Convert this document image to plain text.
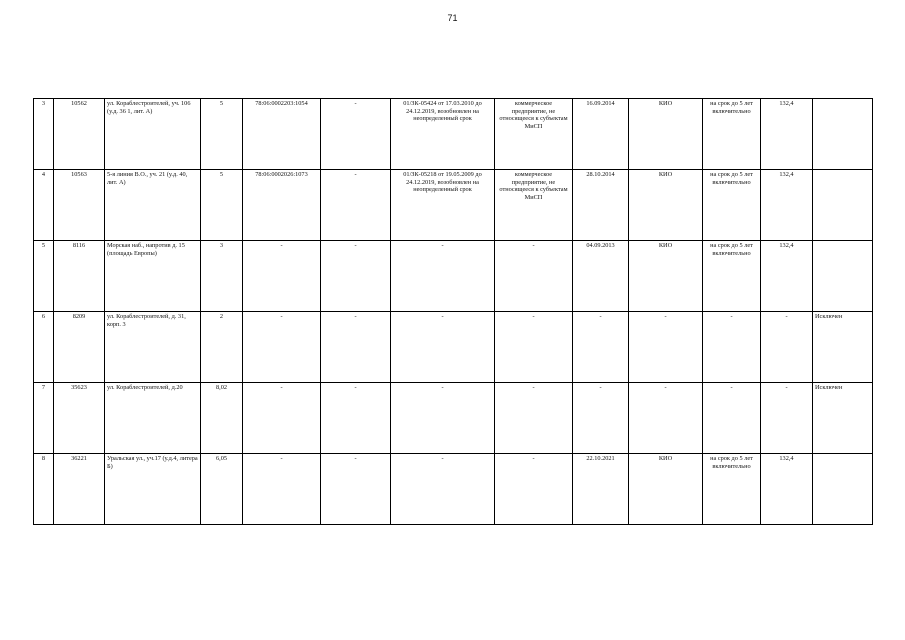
71
3	10562	ул. Кораблестроителей, уч. 106 (у.д. 36 1, лит. А)	5	78:06:0002203:1054	-	01/ЗК-05424 от 17.03.2010 до 24.12.2019, возобновлен на неопределенный срок	коммерческое предприятие, не относящееся к субъектам МиСП	16.09.2014	КИО	на срок до 5 лет включительно	132,4	
4	10563	5-я линия В.О., уч. 21 (у.д. 40, лит. А)	5	78:06:0002026:1073	-	01/ЗК-05218 от 19.05.2009 до 24.12.2019, возобновлен на неопределенный срок	коммерческое предприятие, не относящееся к субъектам МиСП	28.10.2014	КИО	на срок до 5 лет включительно	132,4	
5	8116	Морская наб., напротив д. 15 (площадь Европы)	3	-	-	-	-	04.09.2013	КИО	на срок до 5 лет включительно	132,4	
6	8209	ул. Кораблестроителей, д. 31, корп. 3	2	-	-	-	-	-	-	-	-	Исключен
7	35623	ул. Кораблестроителей, д.20	8,02	-	-	-	-	-	-	-	-	Исключен
8	36221	Уральская ул., уч.17 (у.д.4, литера Б)	6,05	-	-	-	-	22.10.2021	КИО	на срок до 5 лет включительно	132,4	
